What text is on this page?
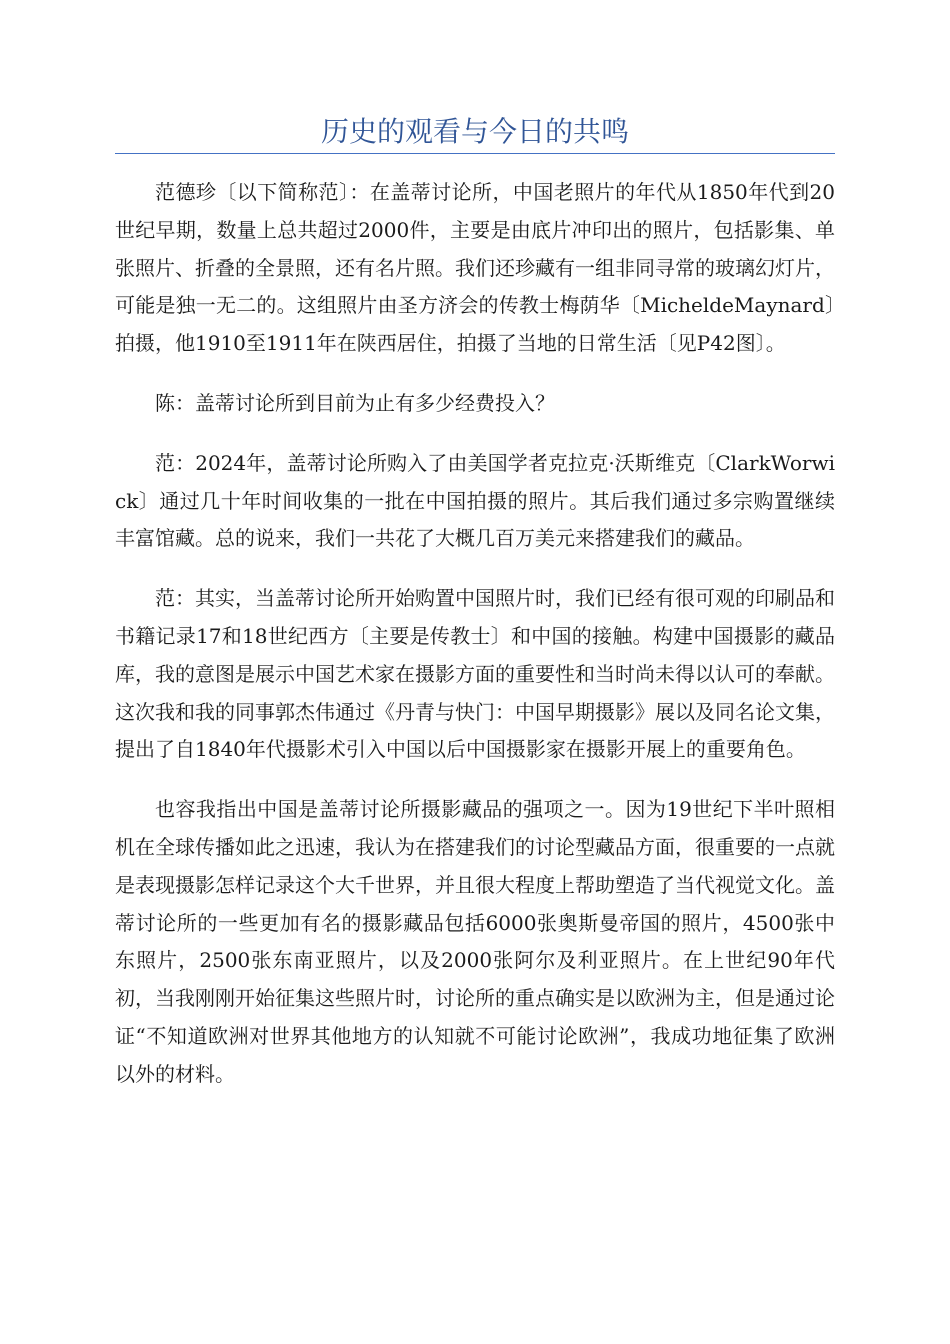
历史的观看与今日的共鸣

范德珍〔以下简称范〕：在盖蒂讨论所，中国老照片的年代从1850年代到20世纪早期，数量上总共超过2000件，主要是由底片冲印出的照片，包括影集、单张照片、折叠的全景照，还有名片照。我们还珍藏有一组非同寻常的玻璃幻灯片，可能是独一无二的。这组照片由圣方济会的传教士梅荫华〔MicheldeMaynard〕拍摄，他1910至1911年在陕西居住，拍摄了当地的日常生活〔见P42图〕。

陈：盖蒂讨论所到目前为止有多少经费投入？

范：2024年，盖蒂讨论所购入了由美国学者克拉克·沃斯维克〔ClarkWorwick〕通过几十年时间收集的一批在中国拍摄的照片。其后我们通过多宗购置继续丰富馆藏。总的说来，我们一共花了大概几百万美元来搭建我们的藏品。

范：其实，当盖蒂讨论所开始购置中国照片时，我们已经有很可观的印刷品和书籍记录17和18世纪西方〔主要是传教士〕和中国的接触。构建中国摄影的藏品库，我的意图是展示中国艺术家在摄影方面的重要性和当时尚未得以认可的奉献。这次我和我的同事郭杰伟通过《丹青与快门：中国早期摄影》展以及同名论文集，提出了自1840年代摄影术引入中国以后中国摄影家在摄影开展上的重要角色。

也容我指出中国是盖蒂讨论所摄影藏品的强项之一。因为19世纪下半叶照相机在全球传播如此之迅速，我认为在搭建我们的讨论型藏品方面，很重要的一点就是表现摄影怎样记录这个大千世界，并且很大程度上帮助塑造了当代视觉文化。盖蒂讨论所的一些更加有名的摄影藏品包括6000张奥斯曼帝国的照片，4500张中东照片，2500张东南亚照片，以及2000张阿尔及利亚照片。在上世纪90年代初，当我刚刚开始征集这些照片时，讨论所的重点确实是以欧洲为主，但是通过论证“不知道欧洲对世界其他地方的认知就不可能讨论欧洲”，我成功地征集了欧洲以外的材料。
